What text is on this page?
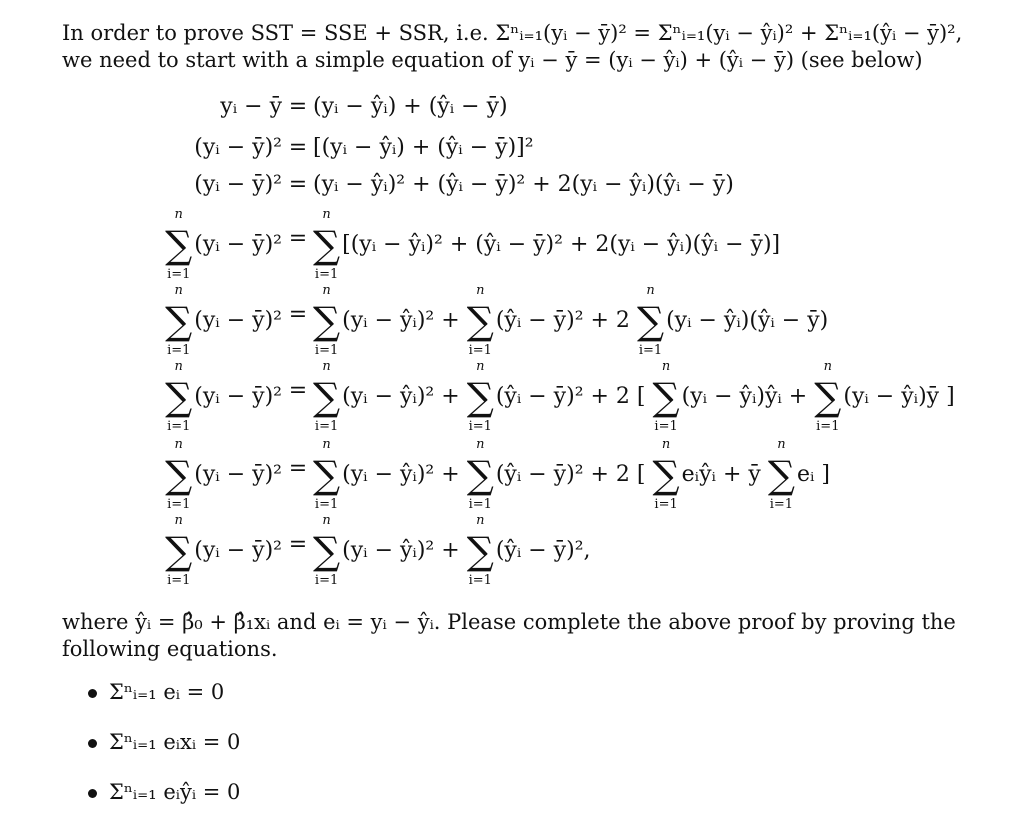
In order to prove SST = SSE + SSR, i.e. Σⁿᵢ₌₁(yᵢ − ȳ)² = Σⁿᵢ₌₁(yᵢ − ŷᵢ)² + Σⁿᵢ₌₁(ŷᵢ − ȳ)²,
we need to start with a simple equation of yᵢ − ȳ = (yᵢ − ŷᵢ) + (ŷᵢ − ȳ) (see below)
yᵢ − ȳ = (yᵢ − ŷᵢ) + (ŷᵢ − ȳ)
(yᵢ − ȳ)² = [(yᵢ − ŷᵢ) + (ŷᵢ − ȳ)]²
(yᵢ − ȳ)² = (yᵢ − ŷᵢ)² + (ŷᵢ − ȳ)² + 2(yᵢ − ŷᵢ)(ŷᵢ − ȳ)
n
∑
i=1
(yᵢ − ȳ)² =
n
∑
i=1
[(yᵢ − ŷᵢ)² + (ŷᵢ − ȳ)² + 2(yᵢ − ŷᵢ)(ŷᵢ − ȳ)]
n
∑
i=1
(yᵢ − ȳ)² =
n
∑
i=1
(yᵢ − ŷᵢ)² +
n
∑
i=1
(ŷᵢ − ȳ)² + 2
n
∑
i=1
(yᵢ − ŷᵢ)(ŷᵢ − ȳ)
n
∑
i=1
(yᵢ − ȳ)² =
n
∑
i=1
(yᵢ − ŷᵢ)² +
n
∑
i=1
(ŷᵢ − ȳ)² + 2 [
n
∑
i=1
(yᵢ − ŷᵢ)ŷᵢ +
n
∑
i=1
(yᵢ − ŷᵢ)ȳ ]
n
∑
i=1
(yᵢ − ȳ)² =
n
∑
i=1
(yᵢ − ŷᵢ)² +
n
∑
i=1
(ŷᵢ − ȳ)² + 2 [
n
∑
i=1
eᵢŷᵢ + ȳ
n
∑
i=1
eᵢ ]
n
∑
i=1
(yᵢ − ȳ)² =
n
∑
i=1
(yᵢ − ŷᵢ)² +
n
∑
i=1
(ŷᵢ − ȳ)²,
where ŷᵢ = β̂₀ + β̂₁xᵢ and eᵢ = yᵢ − ŷᵢ. Please complete the above proof by proving the
following equations.
Σⁿᵢ₌₁ eᵢ = 0
Σⁿᵢ₌₁ eᵢxᵢ = 0
Σⁿᵢ₌₁ eᵢŷᵢ = 0
